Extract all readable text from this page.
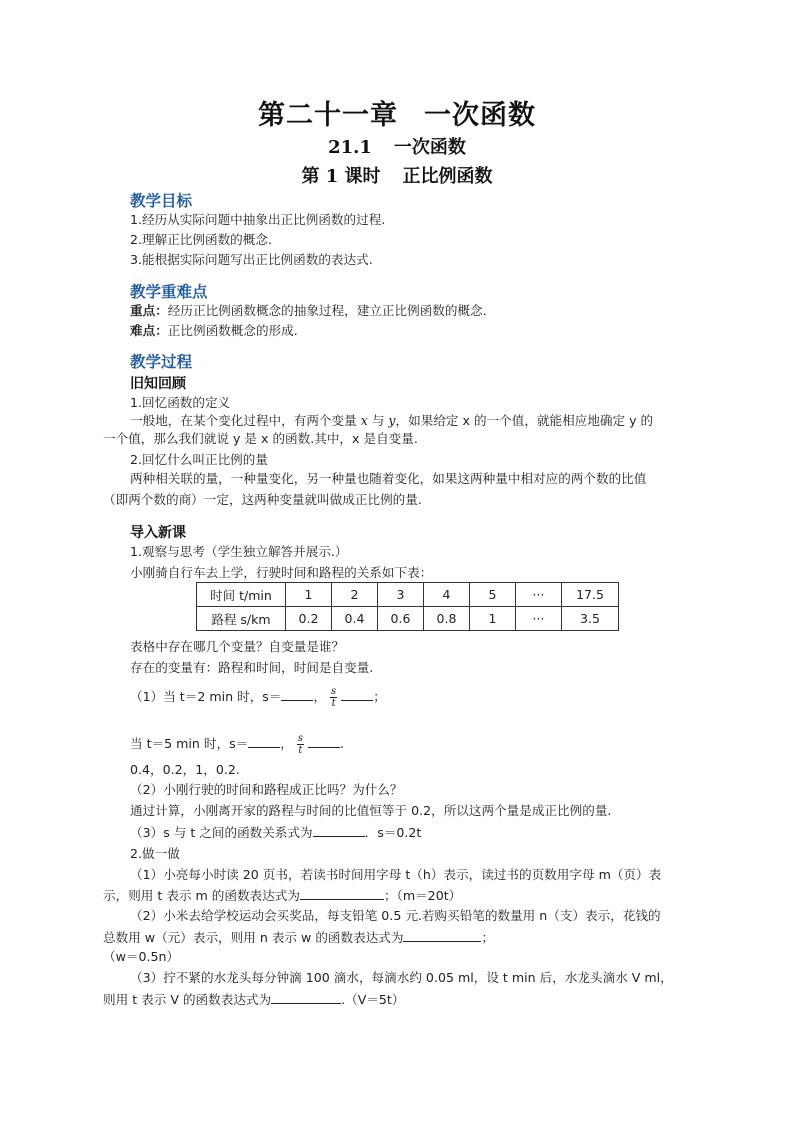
第二十一章 一次函数
21.1 一次函数
第 1 课时 正比例函数
教学目标
1.经历从实际问题中抽象出正比例函数的过程.
2.理解正比例函数的概念.
3.能根据实际问题写出正比例函数的表达式.
教学重难点
重点：经历正比例函数概念的抽象过程，建立正比例函数的概念.
难点：正比例函数概念的形成.
教学过程
旧知回顾
1.回忆函数的定义
一般地，在某个变化过程中，有两个变量 x 与 y，如果给定 x 的一个值，就能相应地确定 y 的
一个值，那么我们就说 y 是 x 的函数.其中，x 是自变量.
2.回忆什么叫正比例的量
两种相关联的量，一种量变化，另一种量也随着变化，如果这两种量中相对应的两个数的比值
（即两个数的商）一定，这两种变量就叫做成正比例的量.
导入新课
1.观察与思考（学生独立解答并展示.）
小刚骑自行车去上学，行驶时间和路程的关系如下表：
时间 t/min	1	2	3	4	5	···	17.5
路程 s/km	0.2	0.4	0.6	0.8	1	···	3.5
表格中存在哪几个变量？自变量是谁？
存在的变量有：路程和时间，时间是自变量.
（1）当 t＝2 min 时，s＝	， $\frac{s}{t}$	；
当 t＝5 min 时，s＝	， $\frac{s}{t}$	.
0.4，0.2，1，0.2.
（2）小刚行驶的时间和路程成正比吗？为什么？
通过计算，小刚离开家的路程与时间的比值恒等于 0.2，所以这两个量是成正比例的量.
（3）s 与 t 之间的函数关系式为	．s＝0.2t
2.做一做
（1）小亮每小时读 20 页书，若读书时间用字母 t（h）表示，读过书的页数用字母 m（页）表
示，则用 t 表示 m 的函数表达式为	；（m＝20t）
（2）小米去给学校运动会买奖品，每支铅笔 0.5 元.若购买铅笔的数量用 n（支）表示，花钱的
总数用 w（元）表示，则用 n 表示 w 的函数表达式为	；
（w＝0.5n）
（3）拧不紧的水龙头每分钟滴 100 滴水，每滴水约 0.05 ml，设 t min 后，水龙头滴水 V ml，
则用 t 表示 V 的函数表达式为	.（V＝5t）
